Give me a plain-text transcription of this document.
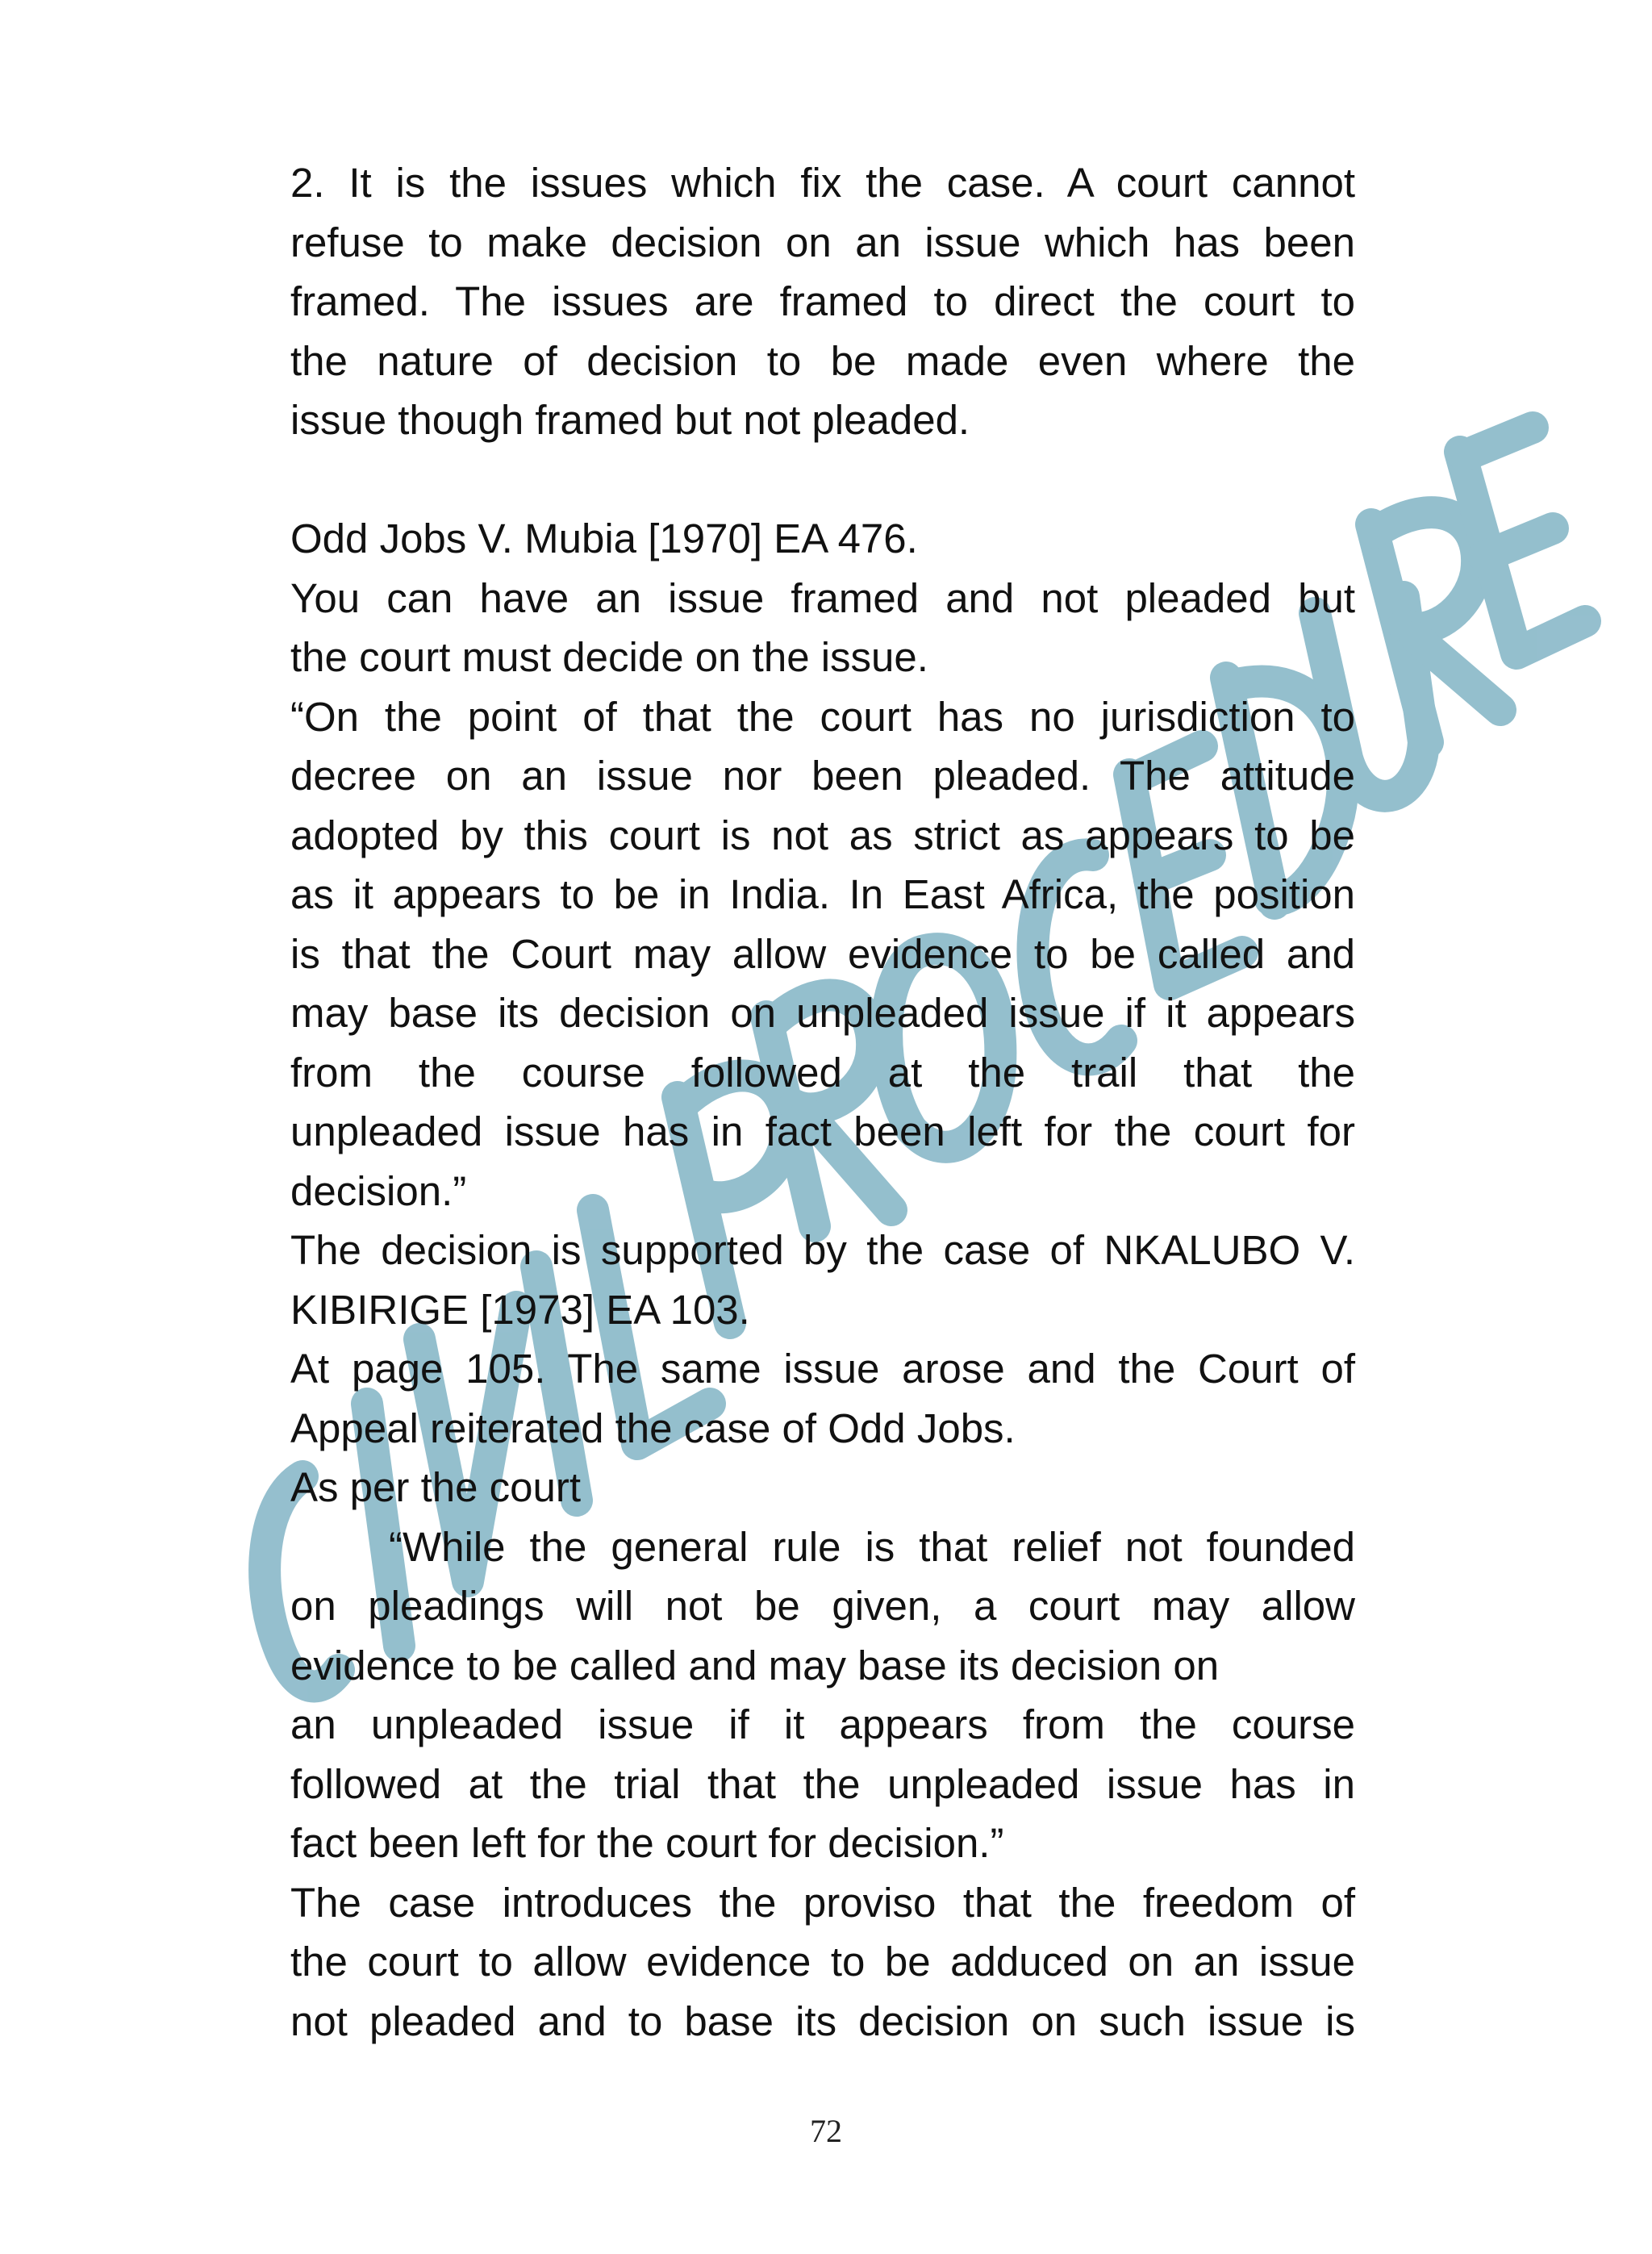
2. It is the issues which fix the case. A court cannot

refuse to make decision on an issue which has been

framed. The issues are framed to direct the court to

the nature of decision to be made even where the

issue though framed but not pleaded.

Odd Jobs V. Mubia [1970] EA 476.

You can have an issue framed and not pleaded but

the court must decide on the issue.

“On the point of that the court has no jurisdiction to

decree on an issue nor been pleaded. The attitude

adopted by this court is not as strict as appears to be

as it appears to be in India. In East Africa, the position

is that the Court may allow evidence to be called and

may base its decision on unpleaded issue if it appears

from the course followed at the trail that the

unpleaded issue has in fact been left for the court for

decision.”

The decision is supported by the case of NKALUBO V.

KIBIRIGE [1973] EA 103.

At page 105. The same issue arose and the Court of

Appeal reiterated the case of Odd Jobs.

As per the court

“While the general rule is that relief not founded

on pleadings will not be given, a court may allow

evidence to be called and may base its decision on

an unpleaded issue if it appears from the course

followed at the trial that the unpleaded issue has in

fact been left for the court for decision.”

The case introduces the proviso that the freedom of

the court to allow evidence to be adduced on an issue

not pleaded and to base its decision on such issue is

72
